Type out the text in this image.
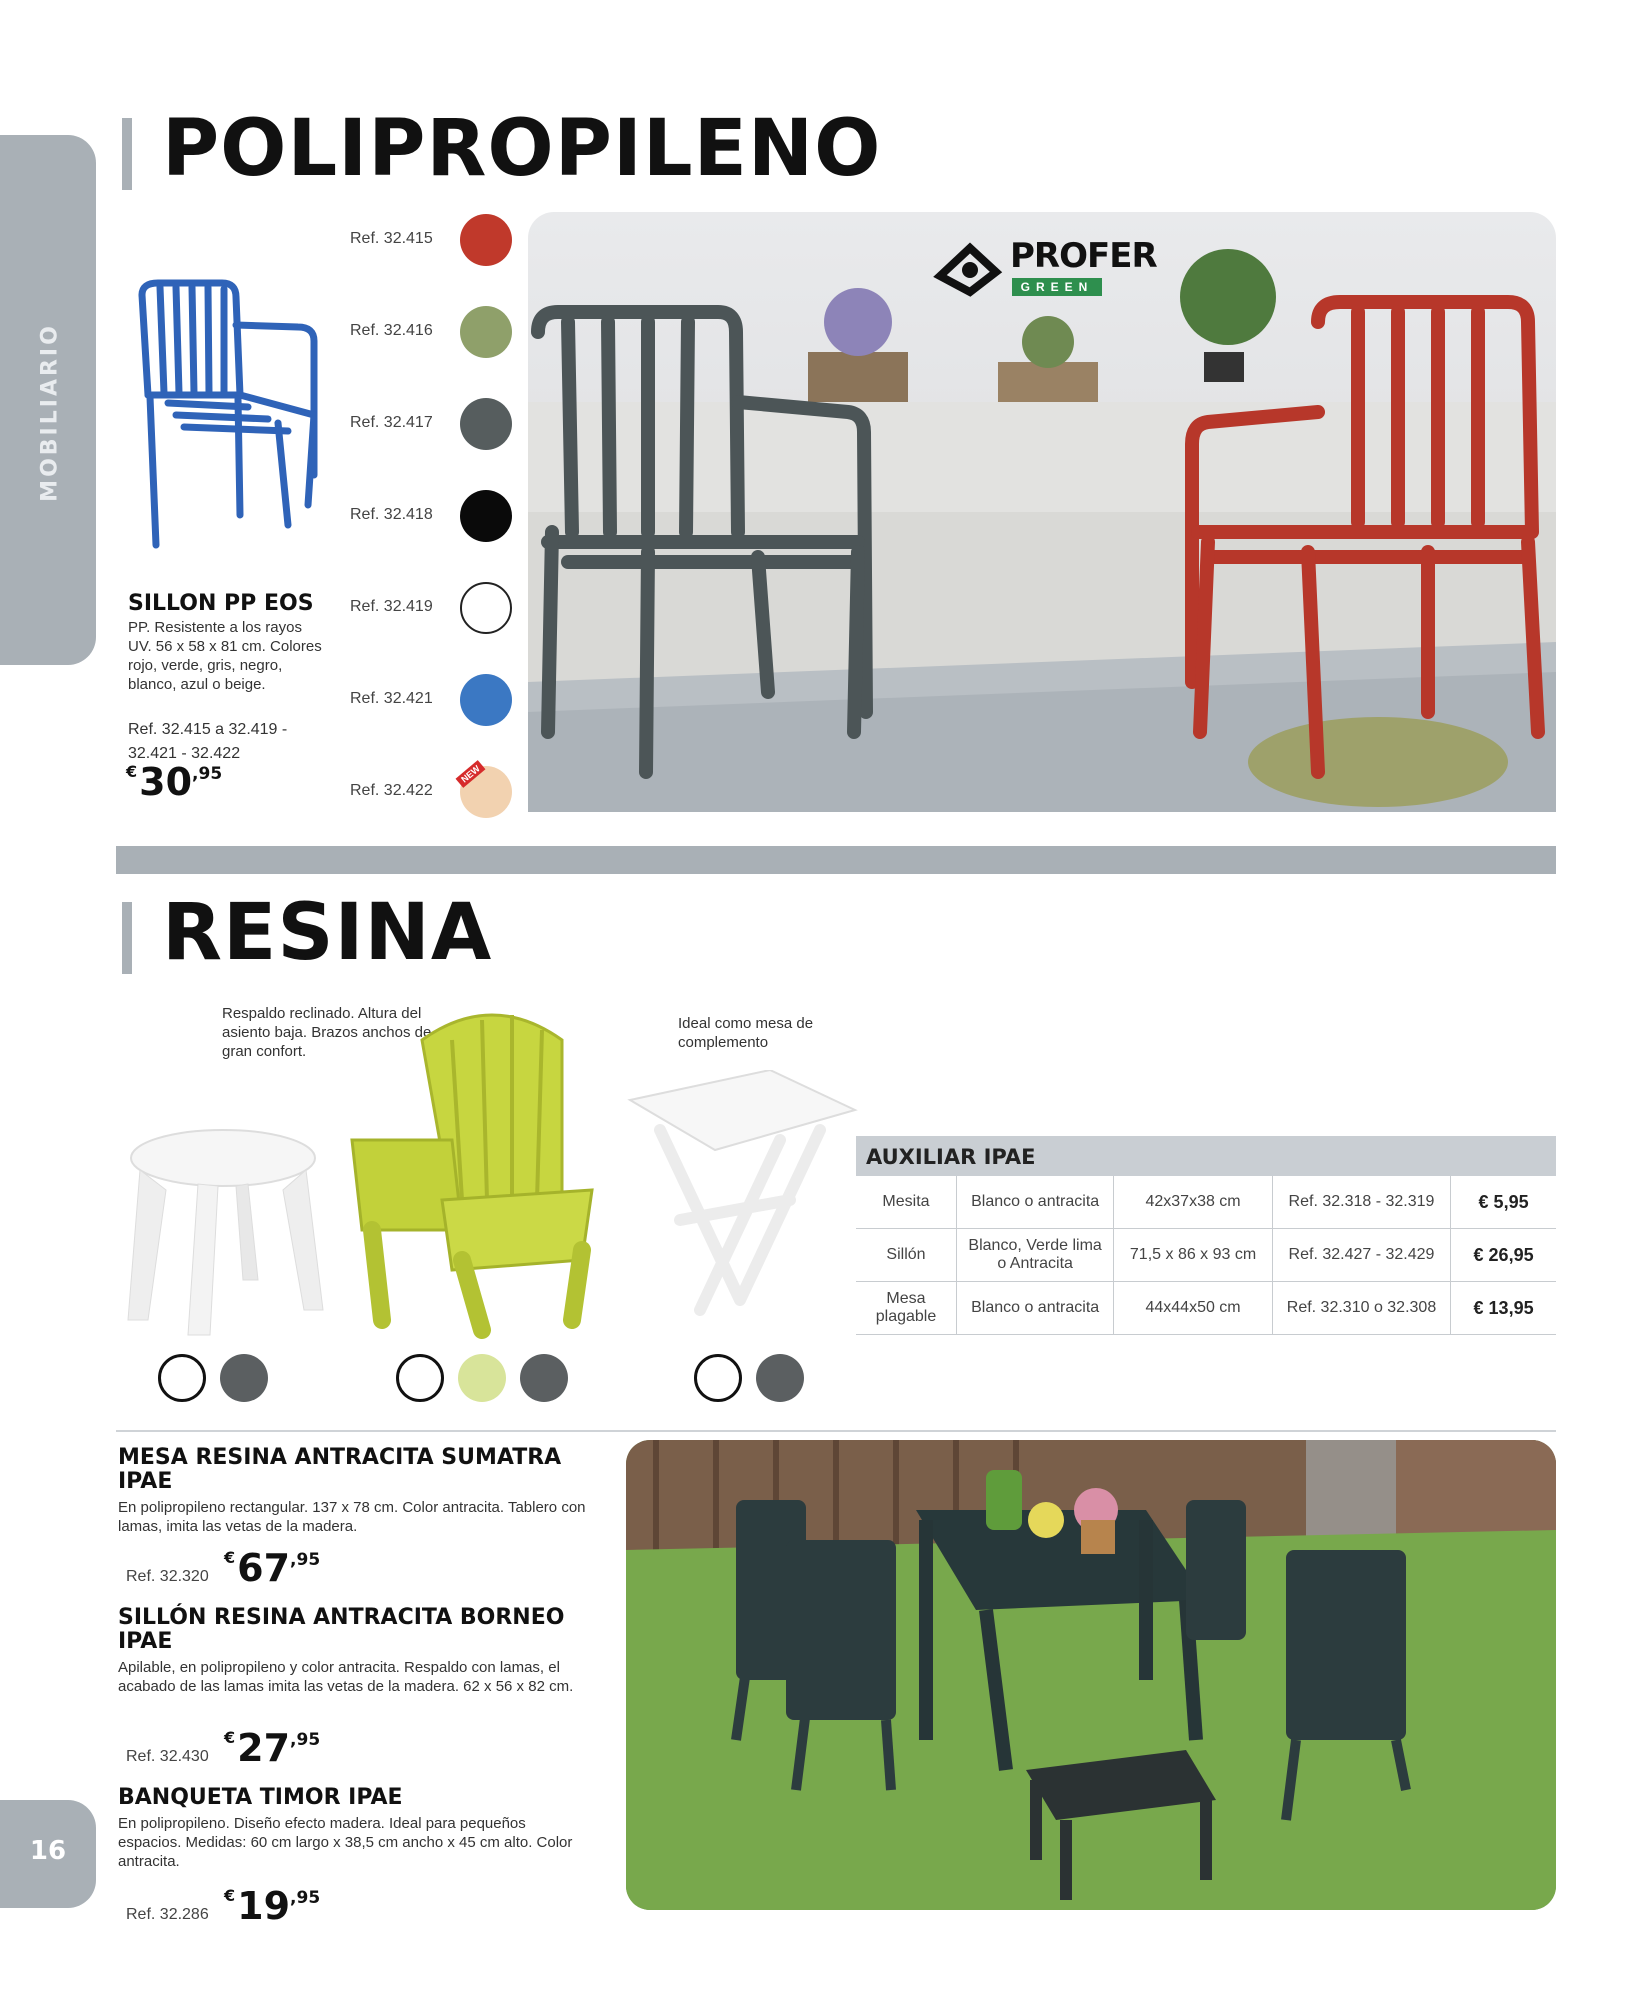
MOBILIARIO
POLIPROPILENO
SILLON PP EOS
PP. Resistente a los rayos UV. 56 x 58 x 81 cm. Colores rojo, verde, gris, negro, blanco, azul o beige.
Ref. 32.415 a 32.419 - 32.421 - 32.422
$^€30^{,95}$
Ref. 32.415
Ref. 32.416
Ref. 32.417
Ref. 32.418
Ref. 32.419
Ref. 32.421
Ref. 32.422
NEW
PROFER
GREEN
RESINA
Respaldo reclinado. Altura del asiento baja. Brazos anchos de gran confort.
Ideal como mesa de complemento
AUXILIAR IPAE
Mesita	Blanco o antracita	42x37x38 cm	Ref. 32.318 - 32.319	€ 5,95
Sillón	Blanco, Verde lima o Antracita	71,5 x 86 x 93 cm	Ref. 32.427 - 32.429	€ 26,95
Mesa plagable	Blanco o antracita	44x44x50 cm	Ref. 32.310 o 32.308	€ 13,95
MESA RESINA ANTRACITA SUMATRA IPAE
En polipropileno rectangular. 137 x 78 cm. Color antracita. Tablero con lamas, imita las vetas de la madera.
Ref. 32.320
$^€67^{,95}$
SILLÓN RESINA ANTRACITA BORNEO IPAE
Apilable, en polipropileno y color antracita. Respaldo con lamas, el acabado de las lamas imita las vetas de la madera. 62 x 56 x 82 cm.
Ref. 32.430
$^€27^{,95}$
BANQUETA TIMOR IPAE
En polipropileno. Diseño efecto madera. Ideal para pequeños espacios. Medidas: 60 cm largo x 38,5 cm ancho x 45 cm alto. Color antracita.
Ref. 32.286
$^€19^{,95}$
16
